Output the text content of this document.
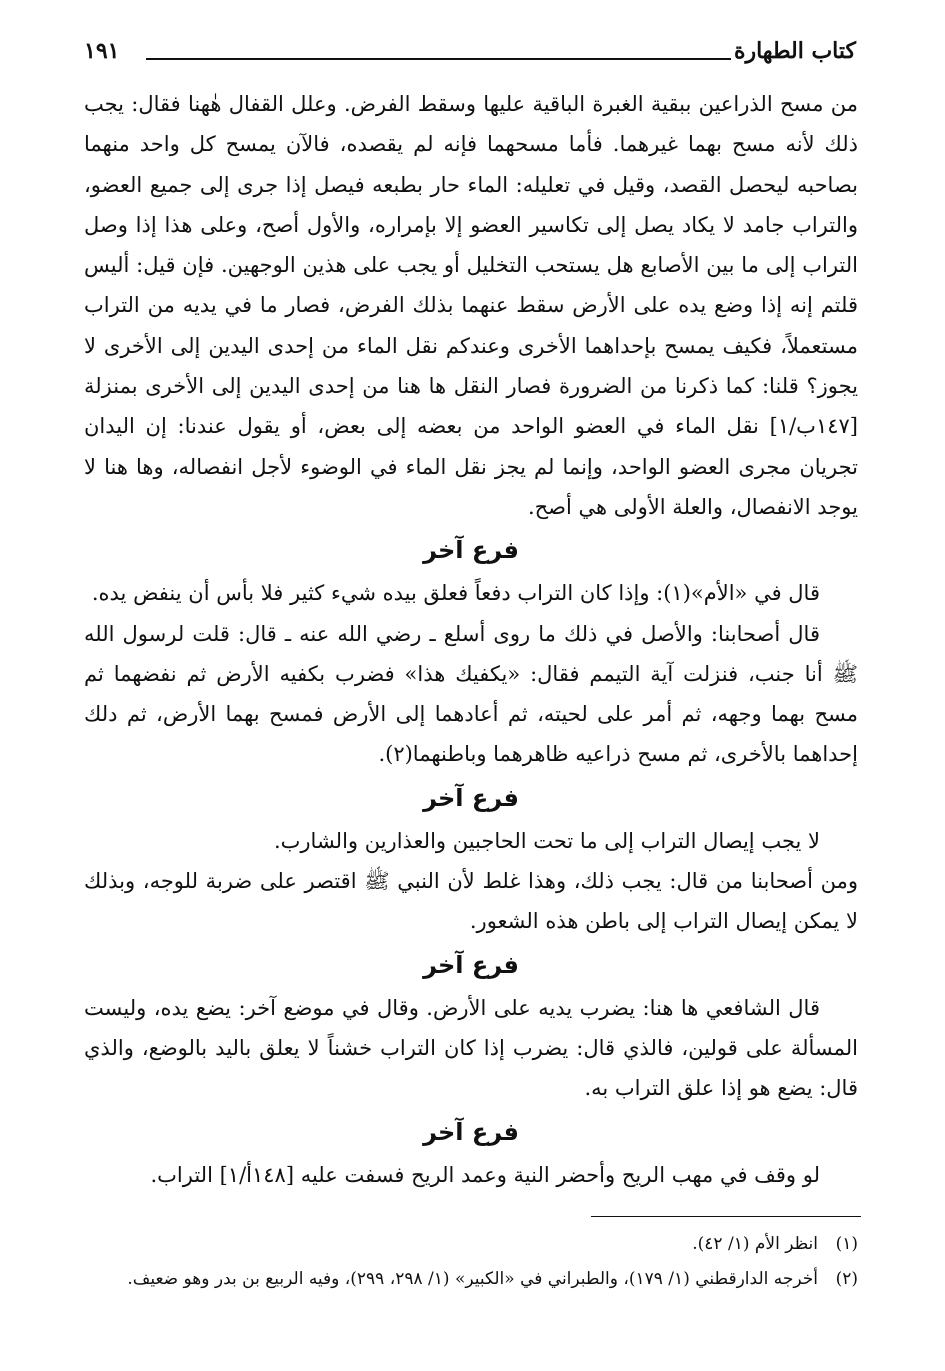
كتاب الطهارة
١٩١

من مسح الذراعين ببقية الغبرة الباقية عليها وسقط الفرض. وعلل القفال هٰهنا فقال: يجب ذلك لأنه مسح بهما غيرهما. فأما مسحهما فإنه لم يقصده، فالآن يمسح كل واحد منهما بصاحبه ليحصل القصد، وقيل في تعليله: الماء حار بطبعه فيصل إذا جرى إلى جميع العضو، والتراب جامد لا يكاد يصل إلى تكاسير العضو إلا بإمراره، والأول أصح، وعلى هذا إذا وصل التراب إلى ما بين الأصابع هل يستحب التخليل أو يجب على هذين الوجهين. فإن قيل: أليس قلتم إنه إذا وضع يده على الأرض سقط عنهما بذلك الفرض، فصار ما في يديه من التراب مستعملاً، فكيف يمسح بإحداهما الأخرى وعندكم نقل الماء من إحدى اليدين إلى الأخرى لا يجوز؟ قلنا: كما ذكرنا من الضرورة فصار النقل ها هنا من إحدى اليدين إلى الأخرى بمنزلة [١٤٧ب/١] نقل الماء في العضو الواحد من بعضه إلى بعض، أو يقول عندنا: إن اليدان تجريان مجرى العضو الواحد، وإنما لم يجز نقل الماء في الوضوء لأجل انفصاله، وها هنا لا يوجد الانفصال، والعلة الأولى هي أصح.

فرع آخر

قال في «الأم»(١): وإذا كان التراب دفعاً فعلق بيده شيء كثير فلا بأس أن ينفض يده.

قال أصحابنا: والأصل في ذلك ما روى أسلع ـ رضي الله عنه ـ قال: قلت لرسول الله ﷺ أنا جنب، فنزلت آية التيمم فقال: «يكفيك هذا» فضرب بكفيه الأرض ثم نفضهما ثم مسح بهما وجهه، ثم أمر على لحيته، ثم أعادهما إلى الأرض فمسح بهما الأرض، ثم دلك إحداهما بالأخرى، ثم مسح ذراعيه ظاهرهما وباطنهما(٢).

فرع آخر

لا يجب إيصال التراب إلى ما تحت الحاجبين والعذارين والشارب.

ومن أصحابنا من قال: يجب ذلك، وهذا غلط لأن النبي ﷺ اقتصر على ضربة للوجه، وبذلك لا يمكن إيصال التراب إلى باطن هذه الشعور.

فرع آخر

قال الشافعي ها هنا: يضرب يديه على الأرض. وقال في موضع آخر: يضع يده، وليست المسألة على قولين، فالذي قال: يضرب إذا كان التراب خشناً لا يعلق باليد بالوضع، والذي قال: يضع هو إذا علق التراب به.

فرع آخر

لو وقف في مهب الريح وأحضر النية وعمد الريح فسفت عليه [١٤٨أ/١] التراب.

(١)انظر الأم (١/ ٤٢).

(٢)أخرجه الدارقطني (١/ ١٧٩)، والطبراني في «الكبير» (١/ ٢٩٨، ٢٩٩)، وفيه الربيع بن بدر وهو ضعيف.
